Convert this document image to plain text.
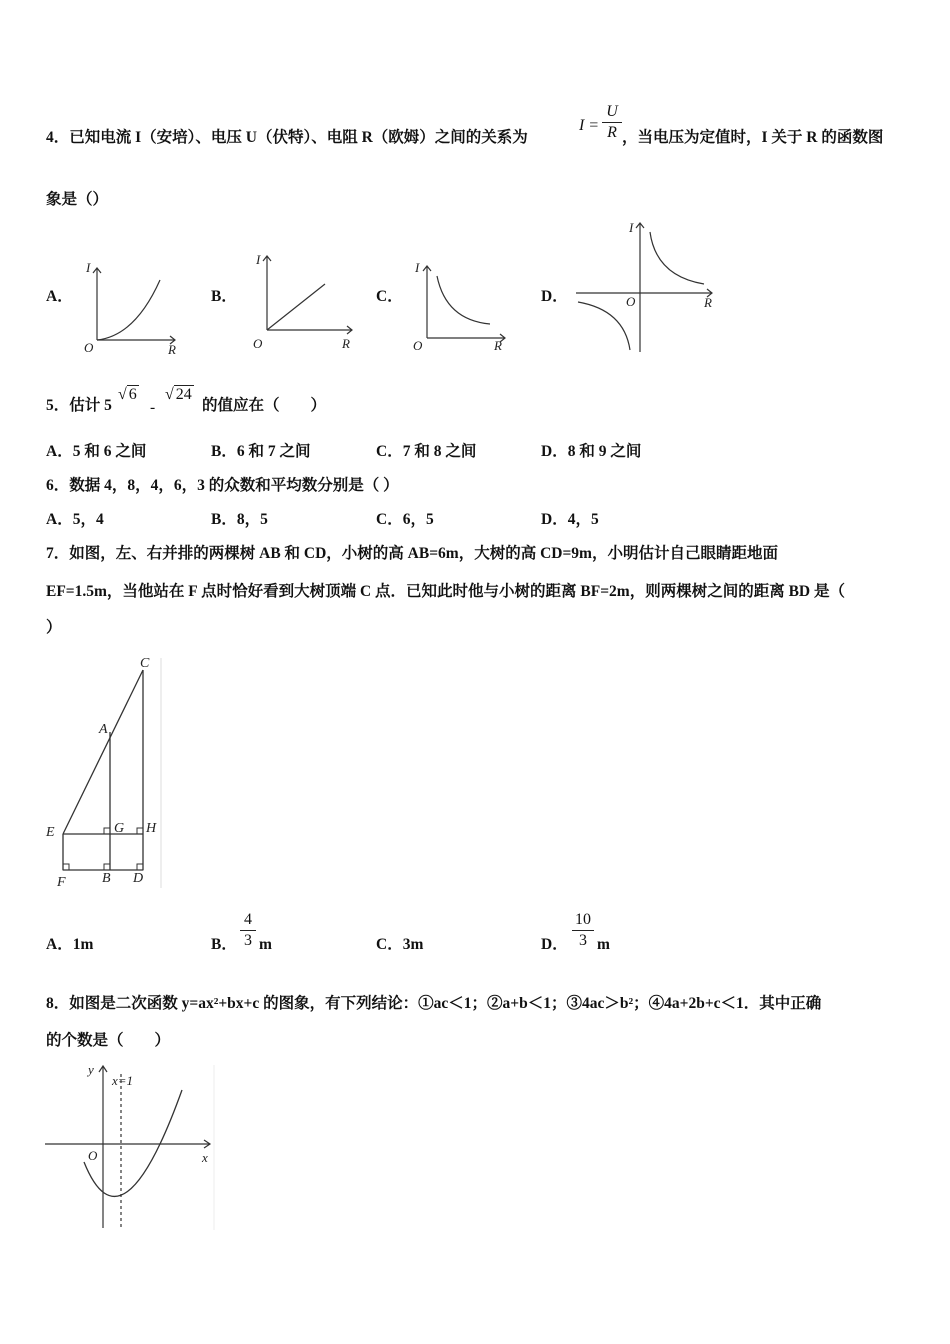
4．已知电流 I（安培）、电压 U（伏特）、电阻 R（欧姆）之间的关系为
I =
U
R ，当电压为定值时，I 关于 R 的函数图
象是（）
A．	B．	C．	D．
I
O	R
I
O	R
I
O	R
I
O	R
5．估计 5
√ 6
-
√ 24
的值应在（　　）
A．5 和 6 之间	B．6 和 7 之间	C．7 和 8 之间	D．8 和 9 之间
6．数据 4，8，4，6，3 的众数和平均数分别是（ ）
A．5，4	B．8，5	C．6，5	D．4，5
7．如图，左、右并排的两棵树 AB 和 CD，小树的高 AB=6m，大树的高 CD=9m，小明估计自己眼睛距地面
EF=1.5m，当他站在 F 点时恰好看到大树顶端 C 点．已知此时他与小树的距离 BF=2m，则两棵树之间的距离 BD 是（
）
C
A
E	G H
F	B D
A．1m	B．
4
3 m	C．3m	D．
10
3 m
8．如图是二次函数 y=ax²+bx+c 的图象，有下列结论：①ac＜1；②a+b＜1；③4ac＞b²；④4a+2b+c＜1．其中正确
的个数是（　　）
y
x=1
O	x
